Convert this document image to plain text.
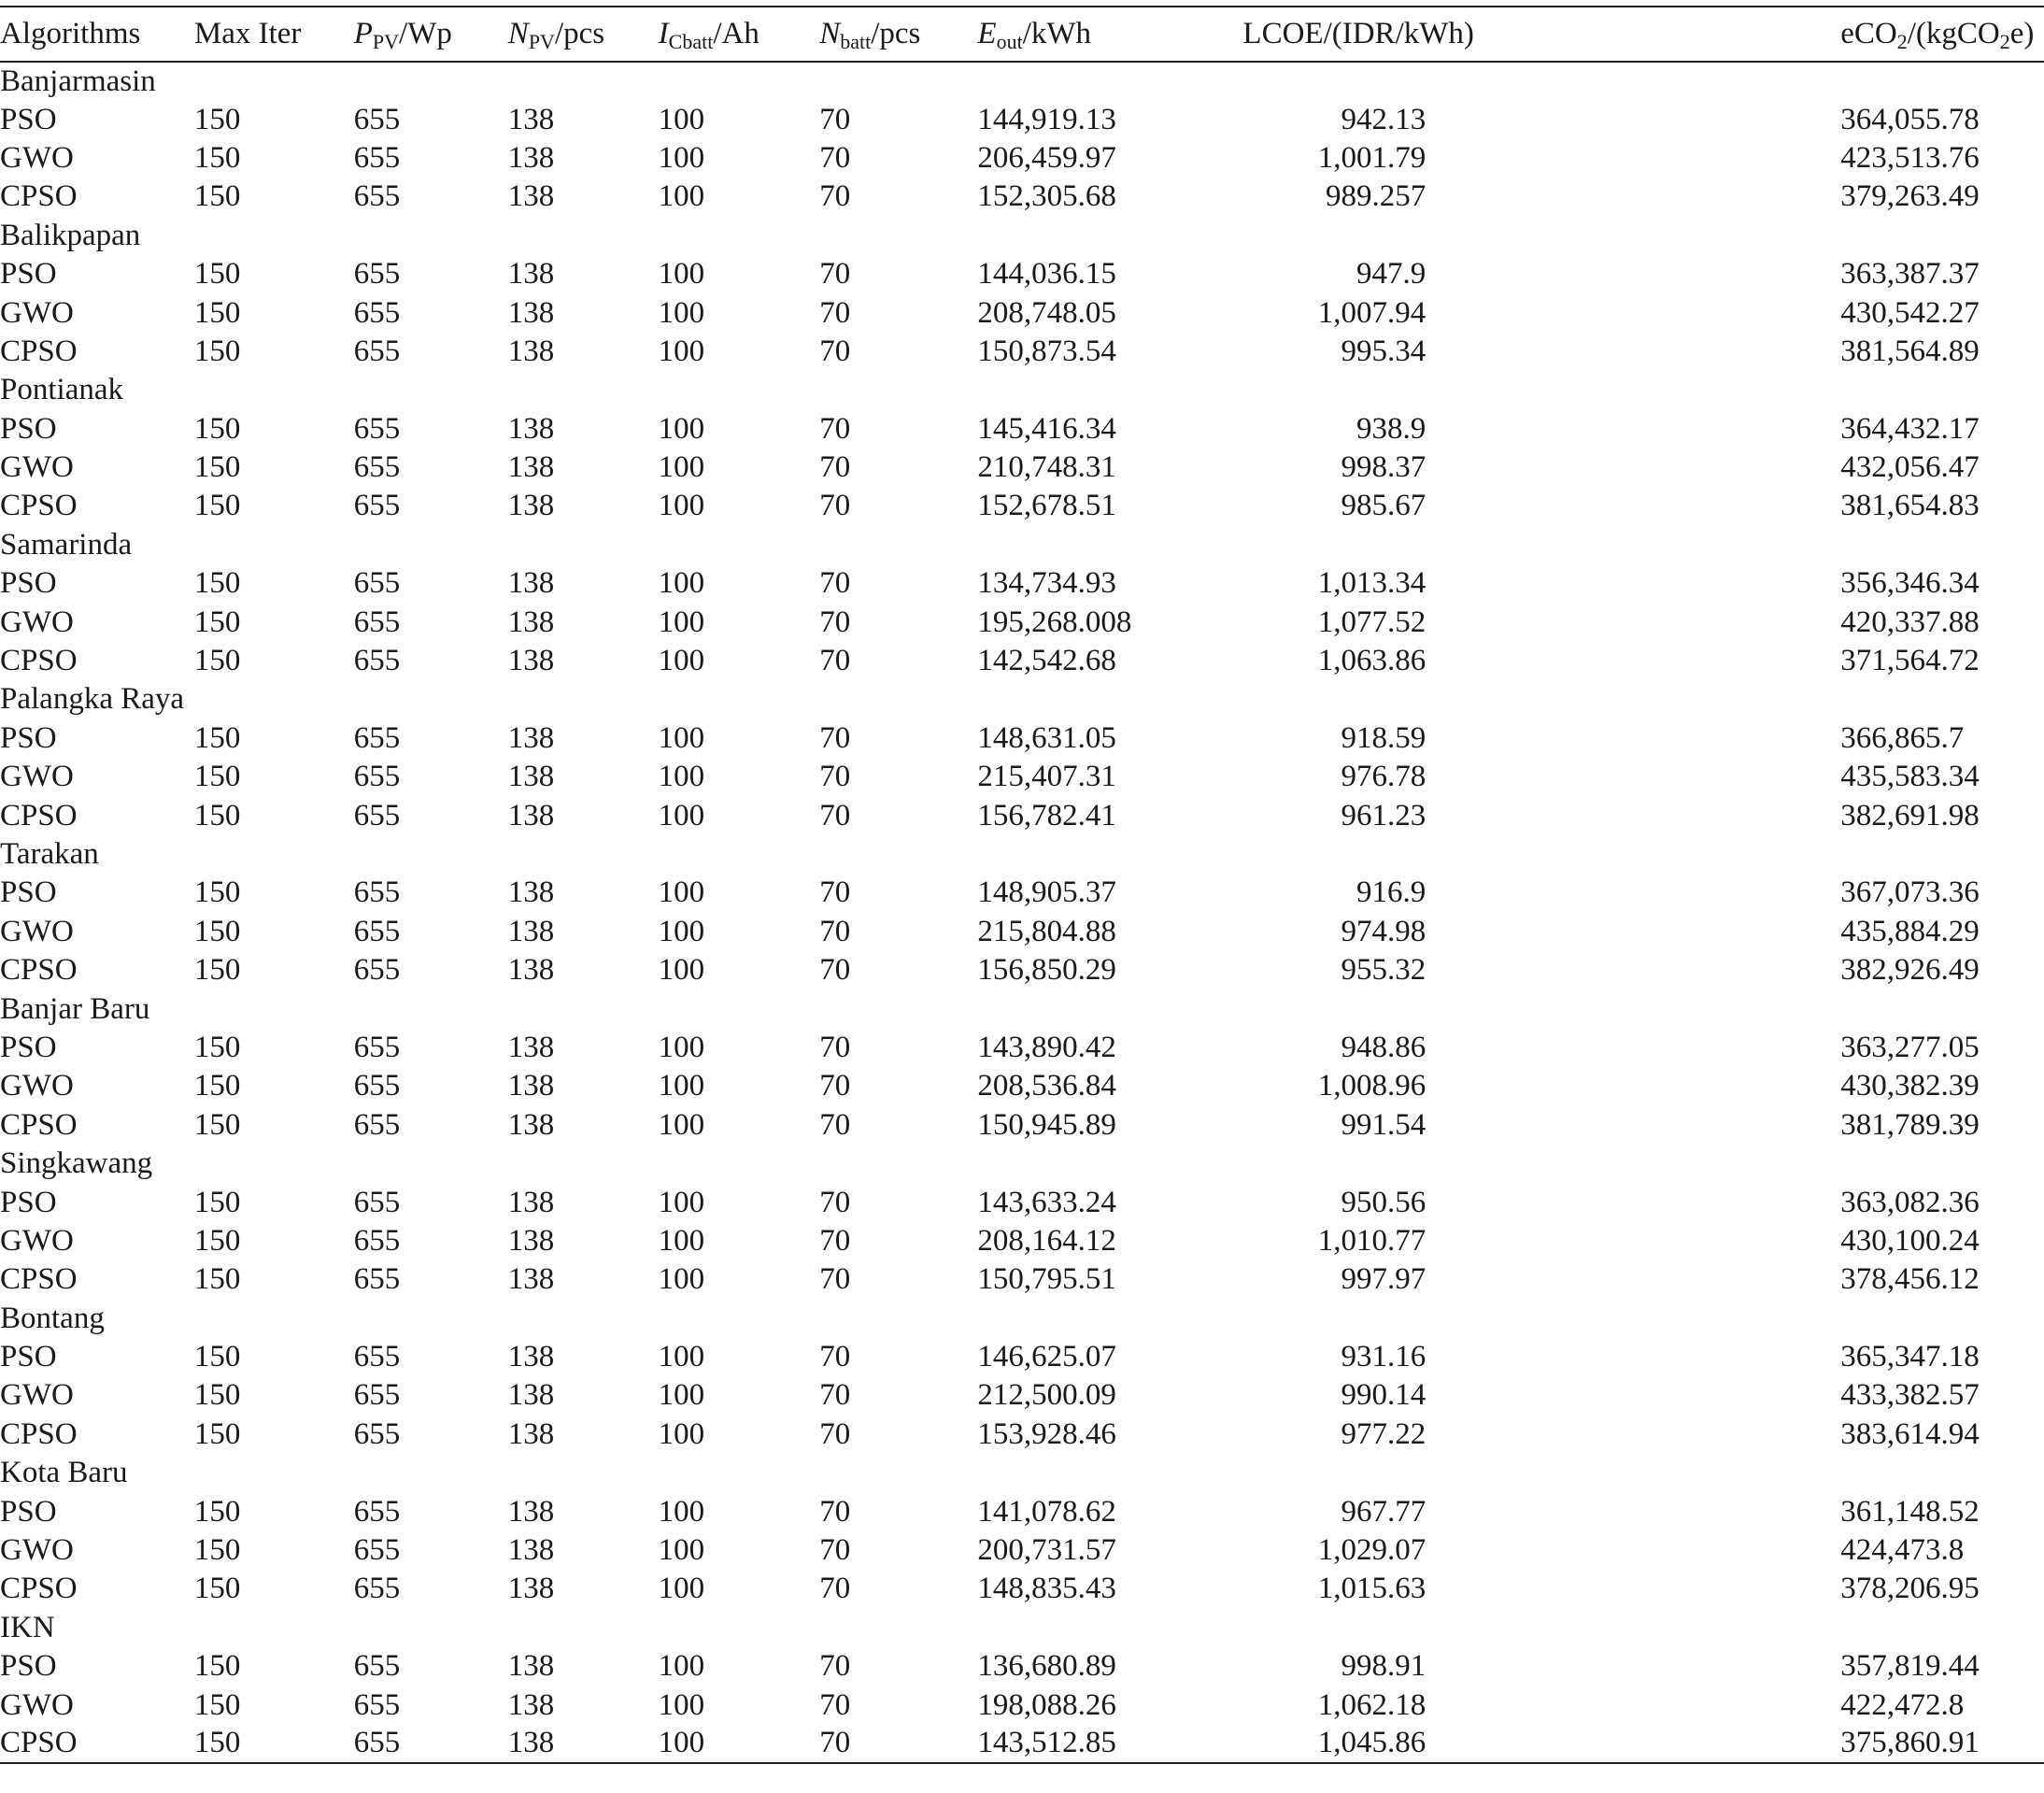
Algorithms	Max Iter	$P_{PV}/Wp$	$N_{PV}$/pcs	$I_{Cbatt}/Ah$	$N_{batt}$/pcs	$E_{out}$/kWh	LCOE/(IDR/kWh)	eCO$_2$/(kgCO$_2$e)
Banjarmasin								
PSO	150	655	138	100	70	144,919.13	942.13	364,055.78
GWO	150	655	138	100	70	206,459.97	1,001.79	423,513.76
CPSO	150	655	138	100	70	152,305.68	989.257	379,263.49
Balikpapan								
PSO	150	655	138	100	70	144,036.15	947.9	363,387.37
GWO	150	655	138	100	70	208,748.05	1,007.94	430,542.27
CPSO	150	655	138	100	70	150,873.54	995.34	381,564.89
Pontianak								
PSO	150	655	138	100	70	145,416.34	938.9	364,432.17
GWO	150	655	138	100	70	210,748.31	998.37	432,056.47
CPSO	150	655	138	100	70	152,678.51	985.67	381,654.83
Samarinda								
PSO	150	655	138	100	70	134,734.93	1,013.34	356,346.34
GWO	150	655	138	100	70	195,268.008	1,077.52	420,337.88
CPSO	150	655	138	100	70	142,542.68	1,063.86	371,564.72
Palangka Raya								
PSO	150	655	138	100	70	148,631.05	918.59	366,865.7
GWO	150	655	138	100	70	215,407.31	976.78	435,583.34
CPSO	150	655	138	100	70	156,782.41	961.23	382,691.98
Tarakan								
PSO	150	655	138	100	70	148,905.37	916.9	367,073.36
GWO	150	655	138	100	70	215,804.88	974.98	435,884.29
CPSO	150	655	138	100	70	156,850.29	955.32	382,926.49
Banjar Baru								
PSO	150	655	138	100	70	143,890.42	948.86	363,277.05
GWO	150	655	138	100	70	208,536.84	1,008.96	430,382.39
CPSO	150	655	138	100	70	150,945.89	991.54	381,789.39
Singkawang								
PSO	150	655	138	100	70	143,633.24	950.56	363,082.36
GWO	150	655	138	100	70	208,164.12	1,010.77	430,100.24
CPSO	150	655	138	100	70	150,795.51	997.97	378,456.12
Bontang								
PSO	150	655	138	100	70	146,625.07	931.16	365,347.18
GWO	150	655	138	100	70	212,500.09	990.14	433,382.57
CPSO	150	655	138	100	70	153,928.46	977.22	383,614.94
Kota Baru								
PSO	150	655	138	100	70	141,078.62	967.77	361,148.52
GWO	150	655	138	100	70	200,731.57	1,029.07	424,473.8
CPSO	150	655	138	100	70	148,835.43	1,015.63	378,206.95
IKN								
PSO	150	655	138	100	70	136,680.89	998.91	357,819.44
GWO	150	655	138	100	70	198,088.26	1,062.18	422,472.8
CPSO	150	655	138	100	70	143,512.85	1,045.86	375,860.91
